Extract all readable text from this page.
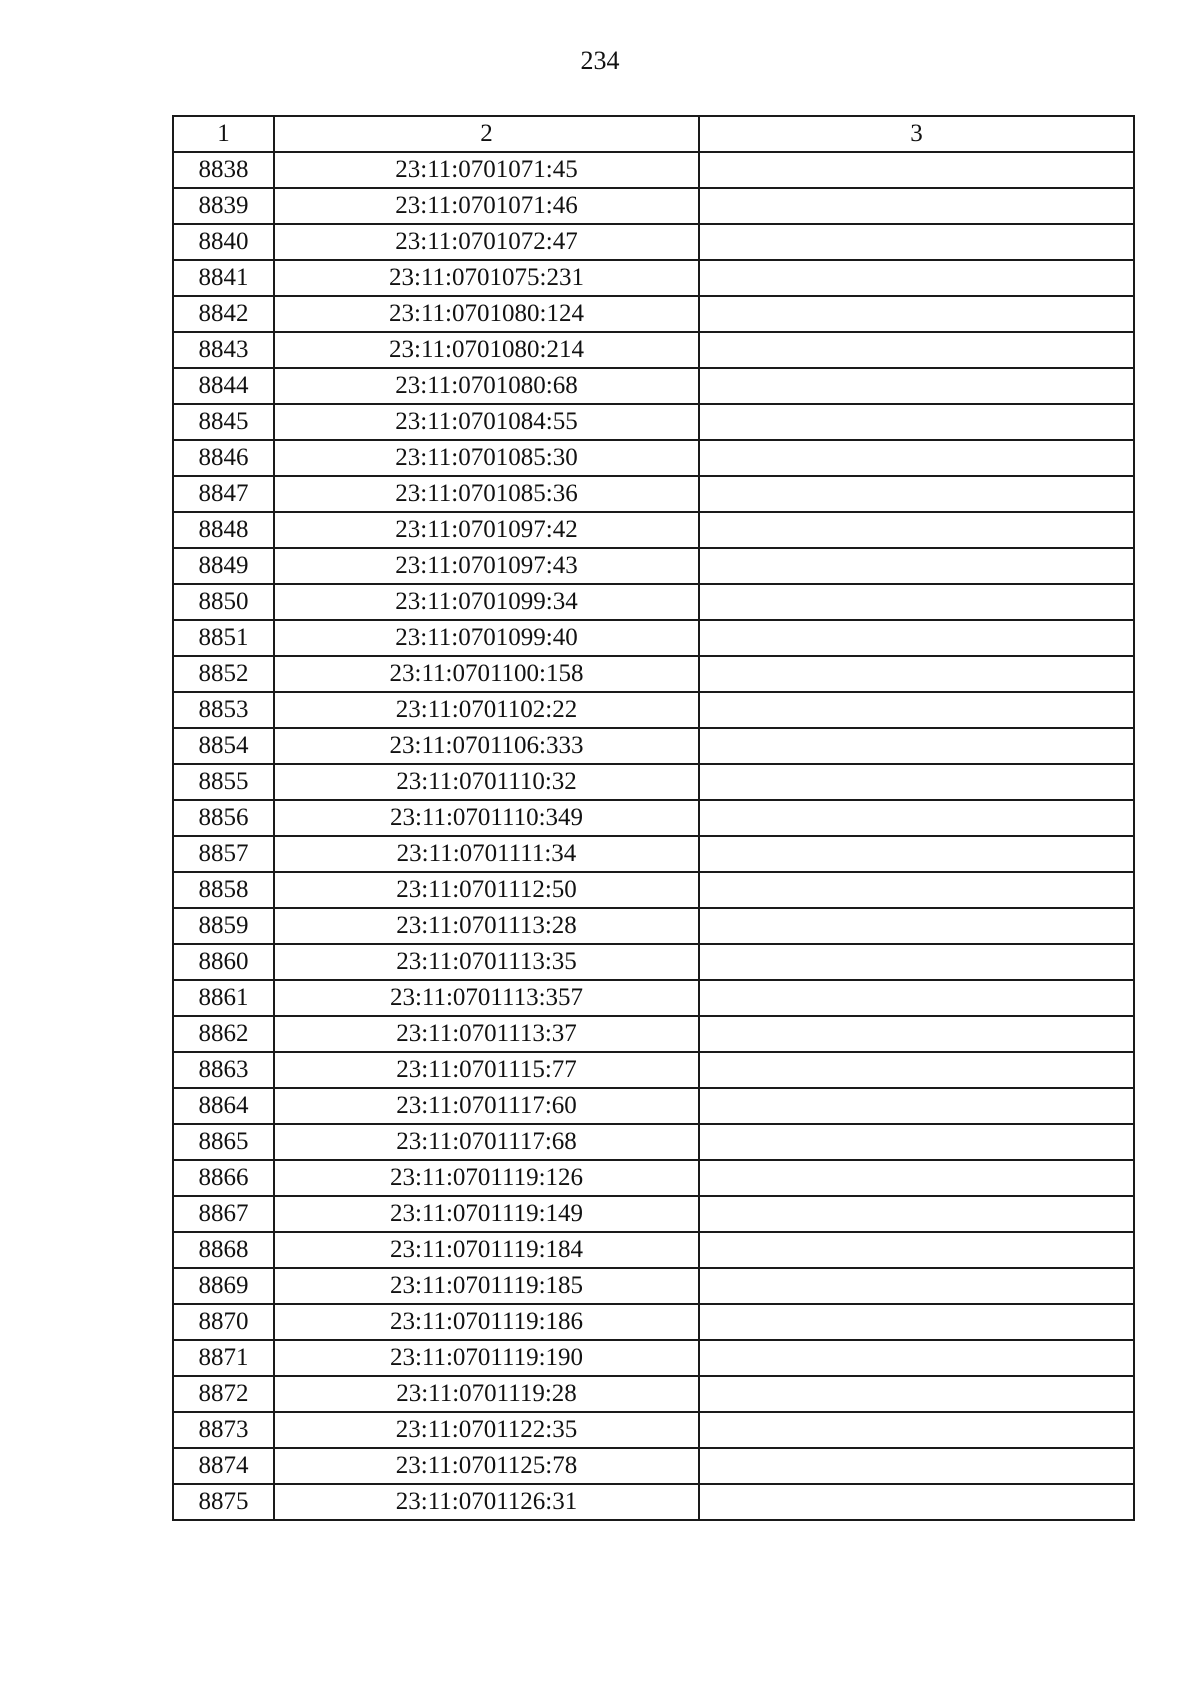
234
1	2	3
8838	23:11:0701071:45	
8839	23:11:0701071:46	
8840	23:11:0701072:47	
8841	23:11:0701075:231	
8842	23:11:0701080:124	
8843	23:11:0701080:214	
8844	23:11:0701080:68	
8845	23:11:0701084:55	
8846	23:11:0701085:30	
8847	23:11:0701085:36	
8848	23:11:0701097:42	
8849	23:11:0701097:43	
8850	23:11:0701099:34	
8851	23:11:0701099:40	
8852	23:11:0701100:158	
8853	23:11:0701102:22	
8854	23:11:0701106:333	
8855	23:11:0701110:32	
8856	23:11:0701110:349	
8857	23:11:0701111:34	
8858	23:11:0701112:50	
8859	23:11:0701113:28	
8860	23:11:0701113:35	
8861	23:11:0701113:357	
8862	23:11:0701113:37	
8863	23:11:0701115:77	
8864	23:11:0701117:60	
8865	23:11:0701117:68	
8866	23:11:0701119:126	
8867	23:11:0701119:149	
8868	23:11:0701119:184	
8869	23:11:0701119:185	
8870	23:11:0701119:186	
8871	23:11:0701119:190	
8872	23:11:0701119:28	
8873	23:11:0701122:35	
8874	23:11:0701125:78	
8875	23:11:0701126:31	
